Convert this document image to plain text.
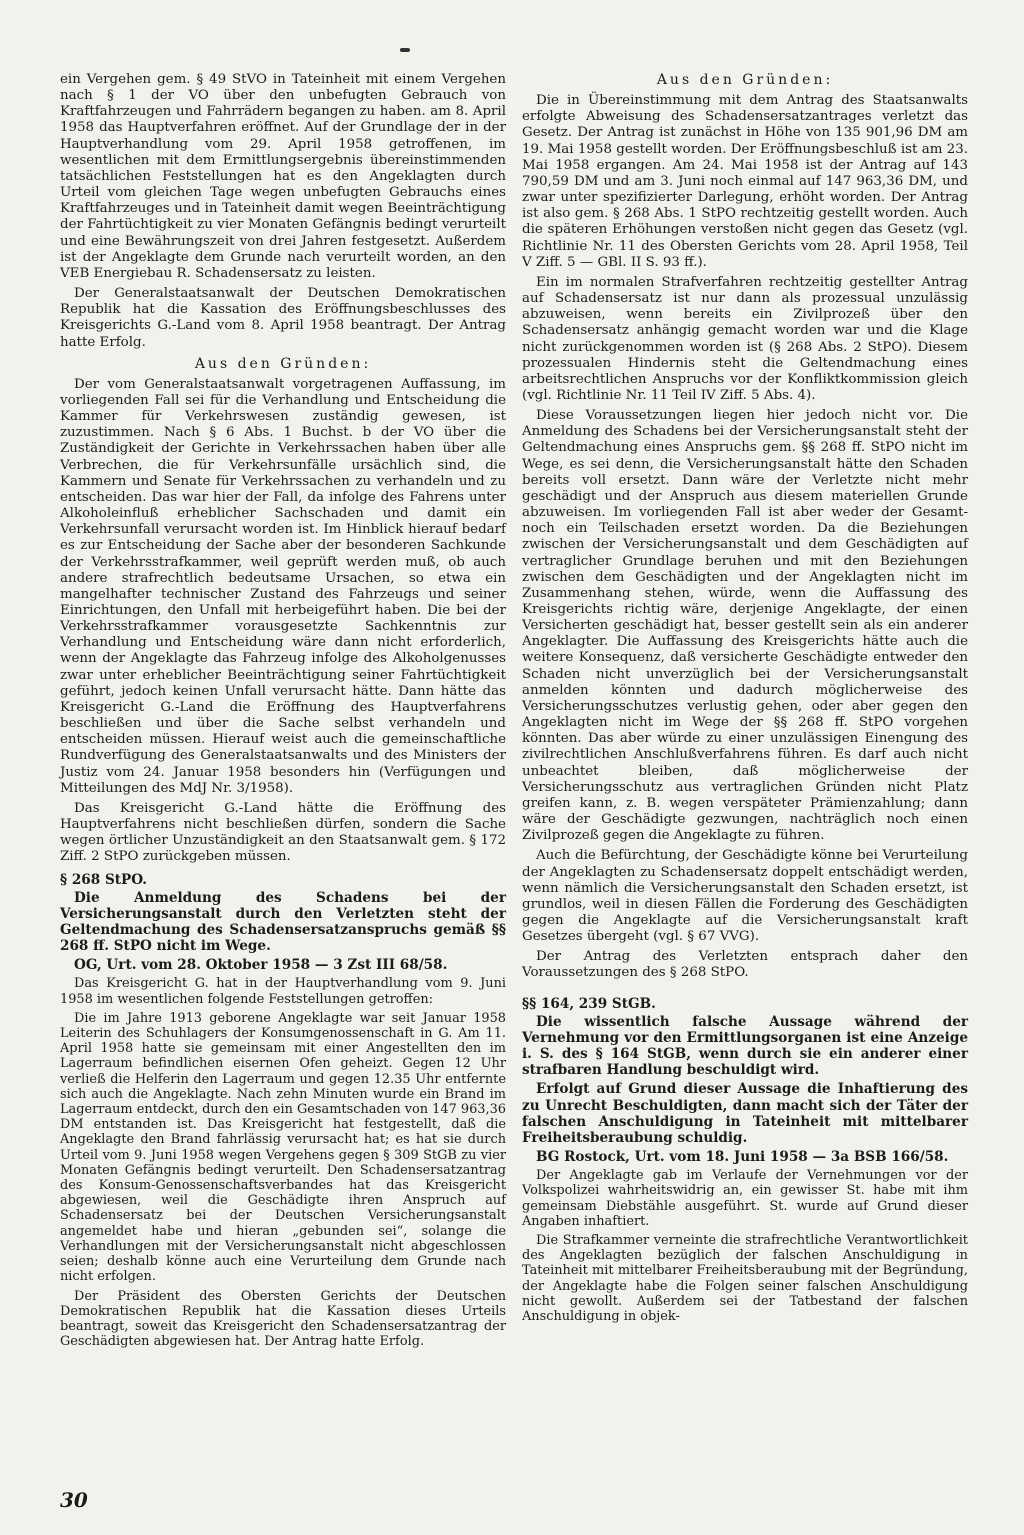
ein Vergehen gem. § 49 StVO in Tateinheit mit einem Vergehen nach § 1 der VO über den unbefugten Gebrauch von Kraftfahrzeugen und Fahrrädern begangen zu haben. am 8. April 1958 das Hauptverfahren eröffnet. Auf der Grundlage der in der Hauptverhandlung vom 29. April 1958 getroffenen, im wesentlichen mit dem Ermittlungsergebnis übereinstimmenden tatsächlichen Feststellungen hat es den Angeklagten durch Urteil vom gleichen Tage wegen unbefugten Gebrauchs eines Kraftfahrzeuges und in Tateinheit damit wegen Beeinträchtigung der Fahrtüchtigkeit zu vier Monaten Gefängnis bedingt verurteilt und eine Bewährungszeit von drei Jahren festgesetzt. Außerdem ist der Angeklagte dem Grunde nach verurteilt worden, an den VEB Energiebau R. Schadensersatz zu leisten.

Der Generalstaatsanwalt der Deutschen Demokratischen Republik hat die Kassation des Eröffnungsbeschlusses des Kreisgerichts G.-Land vom 8. April 1958 beantragt. Der Antrag hatte Erfolg.

Aus den Gründen:

Der vom Generalstaatsanwalt vorgetragenen Auffassung, im vorliegenden Fall sei für die Verhandlung und Entscheidung die Kammer für Verkehrswesen zuständig gewesen, ist zuzustimmen. Nach § 6 Abs. 1 Buchst. b der VO über die Zuständigkeit der Gerichte in Verkehrssachen haben über alle Verbrechen, die für Verkehrsunfälle ursächlich sind, die Kammern und Senate für Verkehrssachen zu verhandeln und zu entscheiden. Das war hier der Fall, da infolge des Fahrens unter Alkoholeinfluß erheblicher Sachschaden und damit ein Verkehrsunfall verursacht worden ist. Im Hinblick hierauf bedarf es zur Entscheidung der Sache aber der besonderen Sachkunde der Verkehrsstrafkammer, weil geprüft werden muß, ob auch andere strafrechtlich bedeutsame Ursachen, so etwa ein mangelhafter technischer Zustand des Fahrzeugs und seiner Einrichtungen, den Unfall mit herbeigeführt haben. Die bei der Verkehrsstrafkammer vorausgesetzte Sachkenntnis zur Verhandlung und Entscheidung wäre dann nicht erforderlich, wenn der Angeklagte das Fahrzeug infolge des Alkoholgenusses zwar unter erheblicher Beeinträchtigung seiner Fahrtüchtigkeit geführt, jedoch keinen Unfall verursacht hätte. Dann hätte das Kreisgericht G.-Land die Eröffnung des Hauptverfahrens beschließen und über die Sache selbst verhandeln und entscheiden müssen. Hierauf weist auch die gemeinschaftliche Rundverfügung des Generalstaatsanwalts und des Ministers der Justiz vom 24. Januar 1958 besonders hin (Verfügungen und Mitteilungen des MdJ Nr. 3/1958).

Das Kreisgericht G.-Land hätte die Eröffnung des Hauptverfahrens nicht beschließen dürfen, sondern die Sache wegen örtlicher Unzuständigkeit an den Staatsanwalt gem. § 172 Ziff. 2 StPO zurückgeben müssen.

§ 268 StPO.
Die Anmeldung des Schadens bei der Versicherungsanstalt durch den Verletzten steht der Geltendmachung des Schadensersatzanspruchs gemäß §§ 268 ff. StPO nicht im Wege.
OG, Urt. vom 28. Oktober 1958 — 3 Zst III 68/58.

Das Kreisgericht G. hat in der Hauptverhandlung vom 9. Juni 1958 im wesentlichen folgende Feststellungen getroffen:

Die im Jahre 1913 geborene Angeklagte war seit Januar 1958 Leiterin des Schuhlagers der Konsumgenossenschaft in G. Am 11. April 1958 hatte sie gemeinsam mit einer Angestellten den im Lagerraum befindlichen eisernen Ofen geheizt. Gegen 12 Uhr verließ die Helferin den Lagerraum und gegen 12.35 Uhr entfernte sich auch die Angeklagte. Nach zehn Minuten wurde ein Brand im Lagerraum entdeckt, durch den ein Gesamtschaden von 147 963,36 DM entstanden ist. Das Kreisgericht hat festgestellt, daß die Angeklagte den Brand fahrlässig verursacht hat; es hat sie durch Urteil vom 9. Juni 1958 wegen Vergehens gegen § 309 StGB zu vier Monaten Gefängnis bedingt verurteilt. Den Schadensersatzantrag des Konsum-Genossenschaftsverbandes hat das Kreisgericht abgewiesen, weil die Geschädigte ihren Anspruch auf Schadensersatz bei der Deutschen Versicherungsanstalt angemeldet habe und hieran „gebunden sei“, solange die Verhandlungen mit der Versicherungsanstalt nicht abgeschlossen seien; deshalb könne auch eine Verurteilung dem Grunde nach nicht erfolgen.

Der Präsident des Obersten Gerichts der Deutschen Demokratischen Republik hat die Kassation dieses Urteils beantragt, soweit das Kreisgericht den Schadensersatzantrag der Geschädigten abgewiesen hat. Der Antrag hatte Erfolg.

Aus den Gründen:

Die in Übereinstimmung mit dem Antrag des Staatsanwalts erfolgte Abweisung des Schadensersatzantrages verletzt das Gesetz. Der Antrag ist zunächst in Höhe von 135 901,96 DM am 19. Mai 1958 gestellt worden. Der Eröffnungsbeschluß ist am 23. Mai 1958 ergangen. Am 24. Mai 1958 ist der Antrag auf 143 790,59 DM und am 3. Juni noch einmal auf 147 963,36 DM, und zwar unter spezifizierter Darlegung, erhöht worden. Der Antrag ist also gem. § 268 Abs. 1 StPO rechtzeitig gestellt worden. Auch die späteren Erhöhungen verstoßen nicht gegen das Gesetz (vgl. Richtlinie Nr. 11 des Obersten Gerichts vom 28. April 1958, Teil V Ziff. 5 — GBl. II S. 93 ff.).

Ein im normalen Strafverfahren rechtzeitig gestellter Antrag auf Schadensersatz ist nur dann als prozessual unzulässig abzuweisen, wenn bereits ein Zivilprozeß über den Schadensersatz anhängig gemacht worden war und die Klage nicht zurückgenommen worden ist (§ 268 Abs. 2 StPO). Diesem prozessualen Hindernis steht die Geltendmachung eines arbeitsrechtlichen Anspruchs vor der Konfliktkommission gleich (vgl. Richtlinie Nr. 11 Teil IV Ziff. 5 Abs. 4).

Diese Voraussetzungen liegen hier jedoch nicht vor. Die Anmeldung des Schadens bei der Versicherungsanstalt steht der Geltendmachung eines Anspruchs gem. §§ 268 ff. StPO nicht im Wege, es sei denn, die Versicherungsanstalt hätte den Schaden bereits voll ersetzt. Dann wäre der Verletzte nicht mehr geschädigt und der Anspruch aus diesem materiellen Grunde abzuweisen. Im vorliegenden Fall ist aber weder der Gesamt- noch ein Teilschaden ersetzt worden. Da die Beziehungen zwischen der Versicherungsanstalt und dem Geschädigten auf vertraglicher Grundlage beruhen und mit den Beziehungen zwischen dem Geschädigten und der Angeklagten nicht im Zusammenhang stehen, würde, wenn die Auffassung des Kreisgerichts richtig wäre, derjenige Angeklagte, der einen Versicherten geschädigt hat, besser gestellt sein als ein anderer Angeklagter. Die Auffassung des Kreisgerichts hätte auch die weitere Konsequenz, daß versicherte Geschädigte entweder den Schaden nicht unverzüglich bei der Versicherungsanstalt anmelden könnten und dadurch möglicherweise des Versicherungsschutzes verlustig gehen, oder aber gegen den Angeklagten nicht im Wege der §§ 268 ff. StPO vorgehen könnten. Das aber würde zu einer unzulässigen Einengung des zivilrechtlichen Anschlußverfahrens führen. Es darf auch nicht unbeachtet bleiben, daß möglicherweise der Versicherungsschutz aus vertraglichen Gründen nicht Platz greifen kann, z. B. wegen verspäteter Prämienzahlung; dann wäre der Geschädigte gezwungen, nachträglich noch einen Zivilprozeß gegen die Angeklagte zu führen.

Auch die Befürchtung, der Geschädigte könne bei Verurteilung der Angeklagten zu Schadensersatz doppelt entschädigt werden, wenn nämlich die Versicherungsanstalt den Schaden ersetzt, ist grundlos, weil in diesen Fällen die Forderung des Geschädigten gegen die Angeklagte auf die Versicherungsanstalt kraft Gesetzes übergeht (vgl. § 67 VVG).

Der Antrag des Verletzten entsprach daher den Voraussetzungen des § 268 StPO.

§§ 164, 239 StGB.
Die wissentlich falsche Aussage während der Vernehmung vor den Ermittlungsorganen ist eine Anzeige i. S. des § 164 StGB, wenn durch sie ein anderer einer strafbaren Handlung beschuldigt wird.
Erfolgt auf Grund dieser Aussage die Inhaftierung des zu Unrecht Beschuldigten, dann macht sich der Täter der falschen Anschuldigung in Tateinheit mit mittelbarer Freiheitsberaubung schuldig.
BG Rostock, Urt. vom 18. Juni 1958 — 3a BSB 166/58.

Der Angeklagte gab im Verlaufe der Vernehmungen vor der Volkspolizei wahrheitswidrig an, ein gewisser St. habe mit ihm gemeinsam Diebstähle ausgeführt. St. wurde auf Grund dieser Angaben inhaftiert.

Die Strafkammer verneinte die strafrechtliche Verantwortlichkeit des Angeklagten bezüglich der falschen Anschuldigung in Tateinheit mit mittelbarer Freiheitsberaubung mit der Begründung, der Angeklagte habe die Folgen seiner falschen Anschuldigung nicht gewollt. Außerdem sei der Tatbestand der falschen Anschuldigung in objek-

30
